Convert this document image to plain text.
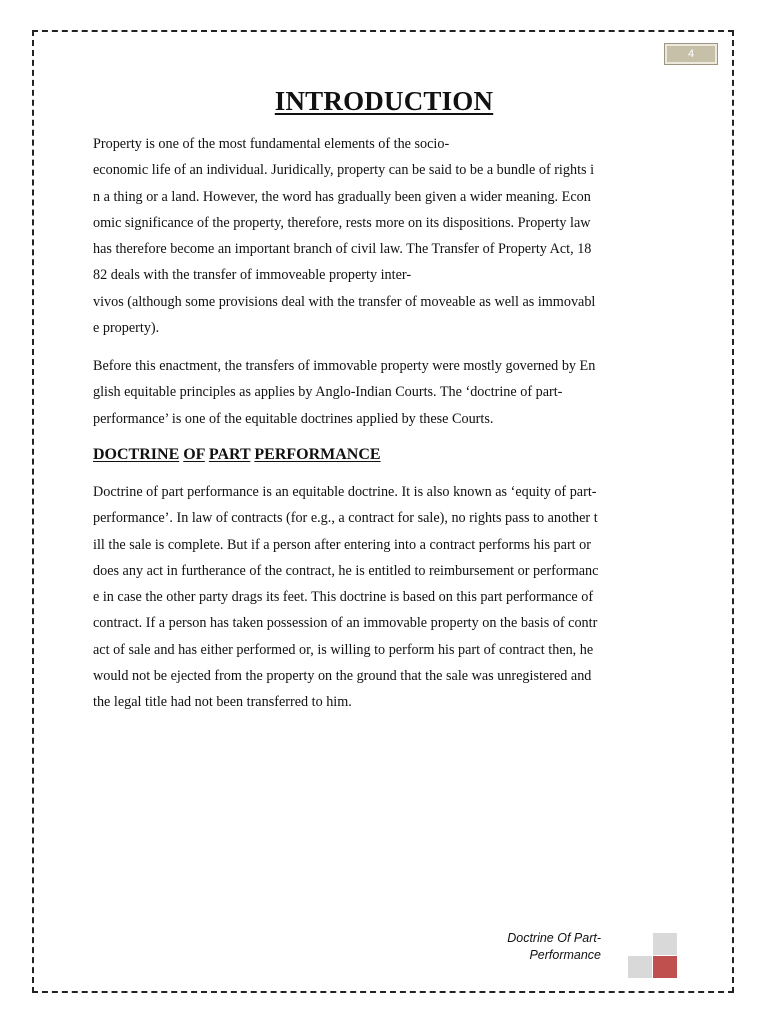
4
INTRODUCTION

Property is one of the most fundamental elements of the socio-
economic life of an individual. Juridically, property can be said to be a bundle of rights i
n a thing or a land. However, the word has gradually been given a wider meaning. Econ
omic significance of the property, therefore, rests more on its dispositions. Property law
has therefore become an important branch of civil law. The Transfer of Property Act, 18
82 deals with the transfer of immoveable property inter-
vivos (although some provisions deal with the transfer of moveable as well as immovabl
e property).

Before this enactment, the transfers of immovable property were mostly governed by En
glish equitable principles as applies by Anglo-Indian Courts. The ‘doctrine of part-
performance’ is one of the equitable doctrines applied by these Courts.

DOCTRINE OF PART PERFORMANCE

Doctrine of part performance is an equitable doctrine. It is also known as ‘equity of part-
performance’. In law of contracts (for e.g., a contract for sale), no rights pass to another t
ill the sale is complete. But if a person after entering into a contract performs his part or
does any act in furtherance of the contract, he is entitled to reimbursement or performanc
e in case the other party drags its feet. This doctrine is based on this part performance of
contract. If a person has taken possession of an immovable property on the basis of contr
act of sale and has either performed or, is willing to perform his part of contract then, he
would not be ejected from the property on the ground that the sale was unregistered and
the legal title had not been transferred to him.

Doctrine Of Part-
Performance
